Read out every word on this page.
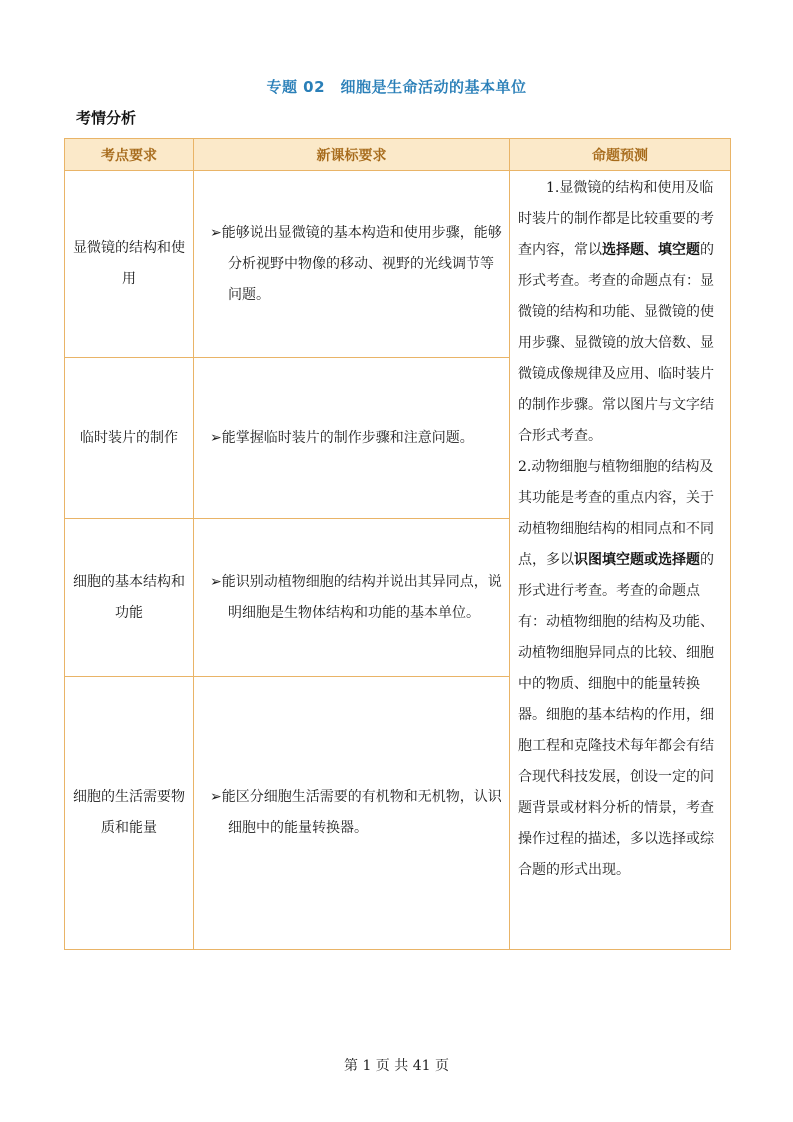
专题 02　细胞是生命活动的基本单位
考情分析
考点要求	新课标要求	命题预测
显微镜的结构和使用	➢能够说出显微镜的基本构造和使用步骤，能够分析视野中物像的移动、视野的光线调节等问题。	1.显微镜的结构和使用及临时装片的制作都是比较重要的考查内容，常以选择题、填空题的形式考查。考查的命题点有：显微镜的结构和功能、显微镜的使用步骤、显微镜的放大倍数、显微镜成像规律及应用、临时装片的制作步骤。常以图片与文字结合形式考查。

2.动物细胞与植物细胞的结构及其功能是考查的重点内容，关于动植物细胞结构的相同点和不同点，多以识图填空题或选择题的形式进行考查。考查的命题点有：动植物细胞的结构及功能、动植物细胞异同点的比较、细胞中的物质、细胞中的能量转换器。细胞的基本结构的作用，细胞工程和克隆技术每年都会有结合现代科技发展，创设一定的问题背景或材料分析的情景，考查操作过程的描述，多以选择或综合题的形式出现。

临时装片的制作	➢能掌握临时装片的制作步骤和注意问题。	

细胞的基本结构和功能	➢能识别动植物细胞的结构并说出其异同点，说明细胞是生物体结构和功能的基本单位。	

细胞的生活需要物质和能量	➢能区分细胞生活需要的有机物和无机物，认识细胞中的能量转换器。	
第 1 页 共 41 页
